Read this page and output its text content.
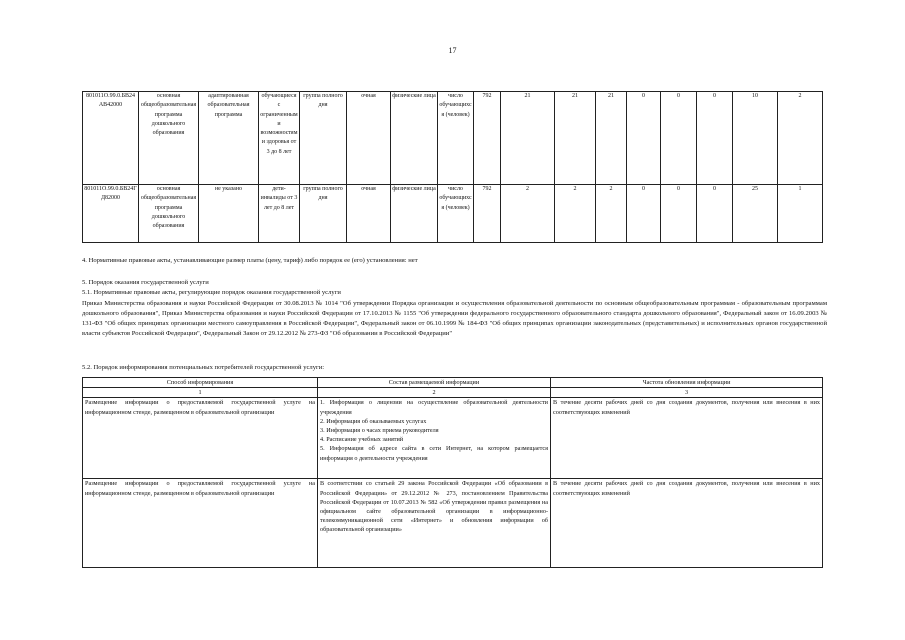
17
801011O.99.0.БВ24АВ42000	основная общеобразовательная программа дошкольного образования	адаптированная образовательная программа	обучающиеся с ограниченными возможностями здоровья от 3 до 8 лет	группа полного дня	очная	физические лица	число обучающихся (человек)	792	21	21	21	0	0	0	10	2
801011О.99.0.БВ24ГД82000	основная общеобразовательная программа дошкольного образования	не указано	дети-инвалиды от 3 лет до 8 лет	группа полного дня	очная	физические лица	число обучающихся (человек)	792	2	2	2	0	0	0	25	1

4. Нормативные правовые акты, устанавливающие размер платы (цену, тариф) либо порядок ее (его) установления: нет

5. Порядок оказания государственной услуги

5.1. Нормативные правовые акты, регулирующие порядок оказания государственной услуги

Приказ Министерства образования и науки Российской Федерации от 30.08.2013 № 1014 "Об утверждении Порядка организации и осуществления образовательной деятельности по основным общеобразовательным программам - образовательным программам дошкольного образования", Приказ Министерства образования и науки Российской Федерации от 17.10.2013 № 1155 "Об утверждении федерального государственного образовательного стандарта дошкольного образования", Федеральный закон от 16.09.2003 № 131-ФЗ "Об общих принципах организации местного самоуправления в Российской Федерации", Федеральный закон от 06.10.1999 № 184-ФЗ "Об общих принципах организации законодательных (представительных) и исполнительных органов государственной власти субъектов Российской Федерации", Федеральный Закон от 29.12.2012 № 273-ФЗ "Об образовании в Российской Федерации"

5.2. Порядок информирования потенциальных потребителей государственной услуги:

Способ информирования	Состав размещаемой информации	Частота обновления информации
1	2	3
Размещение информации о предоставляемой государственной услуге на информационном стенде, размещенном в образовательной организации	1. Информация о лицензии на осуществление образовательной деятельности учреждения
2. Информация об оказываемых услугах
3. Информация о часах приема руководителя
4. Расписание учебных занятий
5. Информация об адресе сайта в сети Интернет, на котором размещается информация о деятельности учреждения	В течение десяти рабочих дней со дня создания документов, получения или внесения в них соответствующих изменений
Размещение информации о предоставляемой государственной услуге на информационном стенде, размещенном в образовательной организации	В соответствии со статьей 29 закона Российской Федерации «Об образовании в Российской Федерации» от 29.12.2012 № 273, постановлением Правительства Российской Федерации от 10.07.2013 № 582 «Об утверждении правил размещения на официальном сайте образовательной организации в информационно-телекоммуникационной сети «Интернет» и обновления информации об образовательной организации»	В течение десяти рабочих дней со дня создания документов, получения или внесения в них соответствующих изменений
